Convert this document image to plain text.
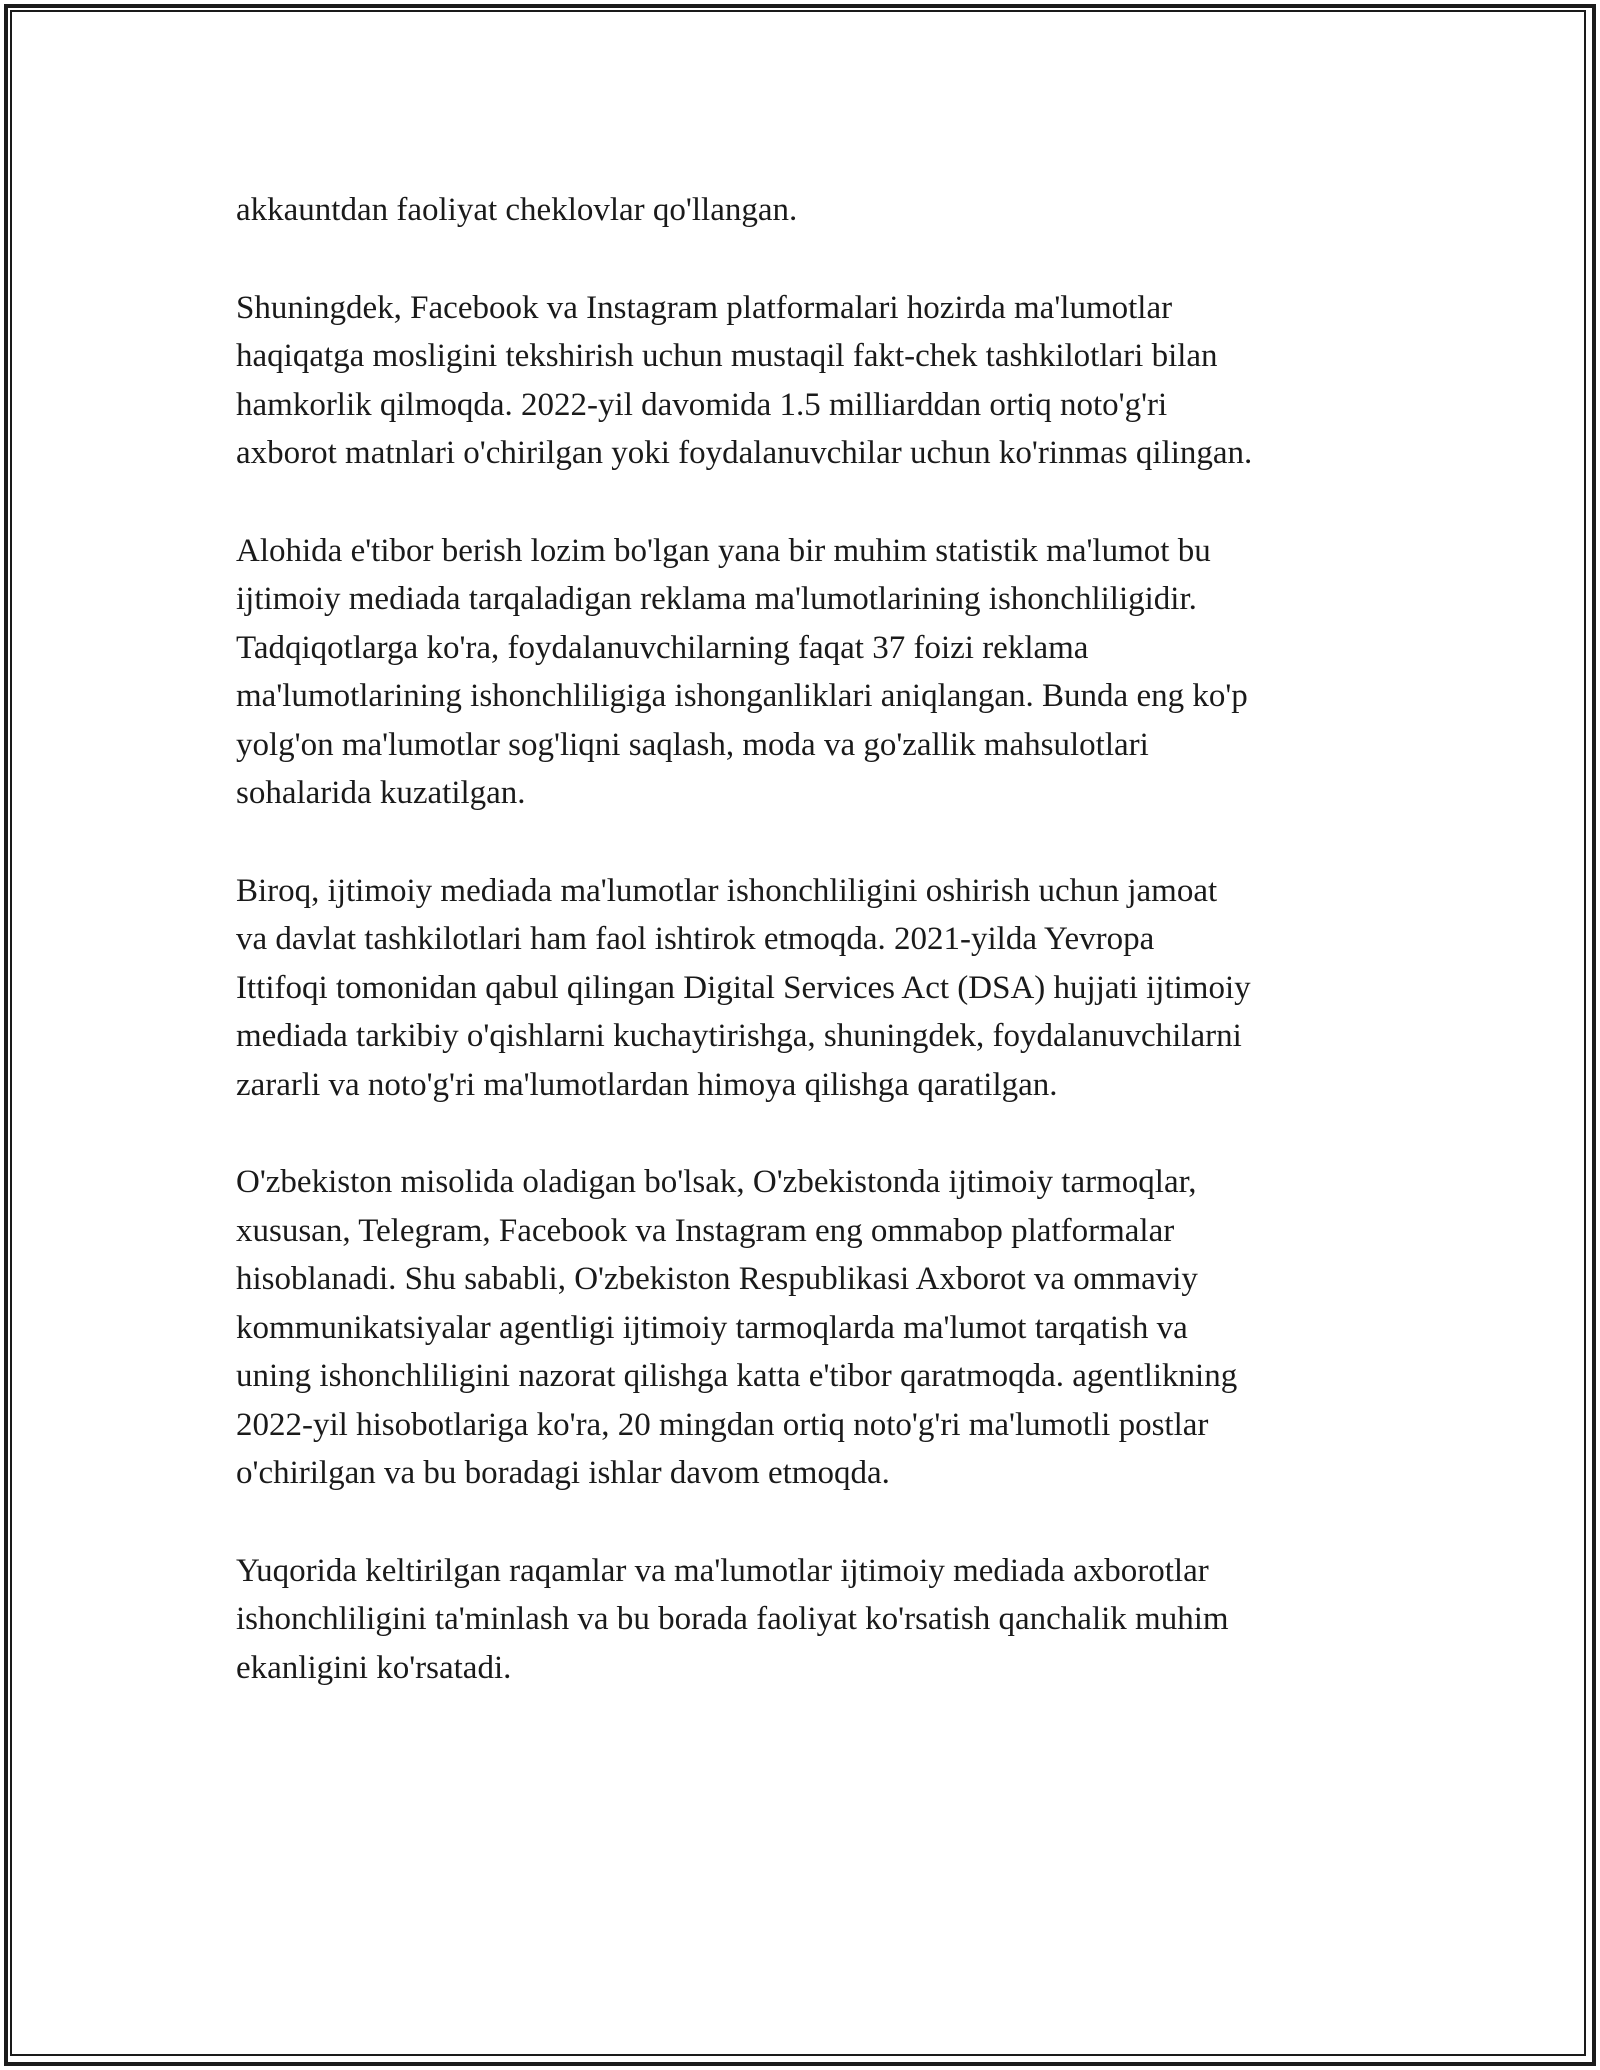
akkauntdan faoliyat cheklovlar qo'llangan.

Shuningdek, Facebook va Instagram platformalari hozirda ma'lumotlar
haqiqatga mosligini tekshirish uchun mustaqil fakt-chek tashkilotlari bilan
hamkorlik qilmoqda. 2022-yil davomida 1.5 milliarddan ortiq noto'g'ri
axborot matnlari o'chirilgan yoki foydalanuvchilar uchun ko'rinmas qilingan.

Alohida e'tibor berish lozim bo'lgan yana bir muhim statistik ma'lumot bu
ijtimoiy mediada tarqaladigan reklama ma'lumotlarining ishonchliligidir.
Tadqiqotlarga ko'ra, foydalanuvchilarning faqat 37 foizi reklama
ma'lumotlarining ishonchliligiga ishonganliklari aniqlangan. Bunda eng ko'p
yolg'on ma'lumotlar sog'liqni saqlash, moda va go'zallik mahsulotlari
sohalarida kuzatilgan.

Biroq, ijtimoiy mediada ma'lumotlar ishonchliligini oshirish uchun jamoat
va davlat tashkilotlari ham faol ishtirok etmoqda. 2021-yilda Yevropa
Ittifoqi tomonidan qabul qilingan Digital Services Act (DSA) hujjati ijtimoiy
mediada tarkibiy o'qishlarni kuchaytirishga, shuningdek, foydalanuvchilarni
zararli va noto'g'ri ma'lumotlardan himoya qilishga qaratilgan.

O'zbekiston misolida oladigan bo'lsak, O'zbekistonda ijtimoiy tarmoqlar,
xususan, Telegram, Facebook va Instagram eng ommabop platformalar
hisoblanadi. Shu sababli, O'zbekiston Respublikasi Axborot va ommaviy
kommunikatsiyalar agentligi ijtimoiy tarmoqlarda ma'lumot tarqatish va
uning ishonchliligini nazorat qilishga katta e'tibor qaratmoqda. agentlikning
2022-yil hisobotlariga ko'ra, 20 mingdan ortiq noto'g'ri ma'lumotli postlar
o'chirilgan va bu boradagi ishlar davom etmoqda.

Yuqorida keltirilgan raqamlar va ma'lumotlar ijtimoiy mediada axborotlar
ishonchliligini ta'minlash va bu borada faoliyat ko'rsatish qanchalik muhim
ekanligini ko'rsatadi.
